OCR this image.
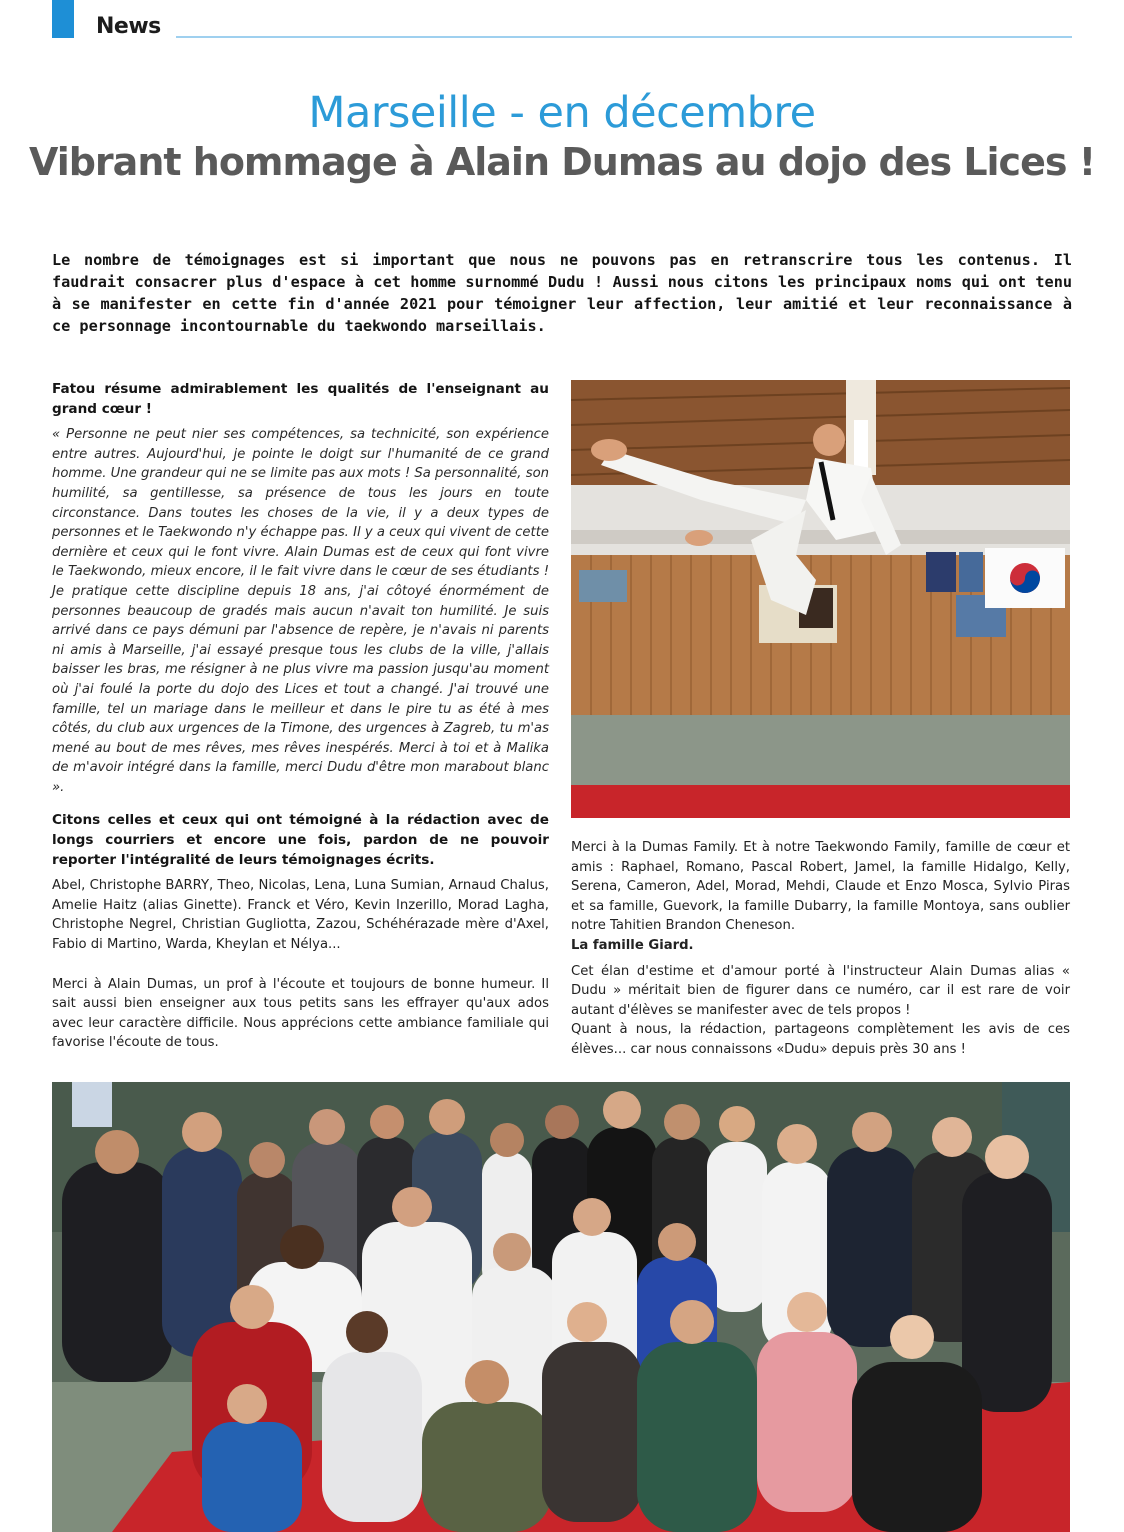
News
Marseille - en décembre
Vibrant hommage à Alain Dumas au dojo des Lices !

Le nombre de témoignages est si important que nous ne pouvons pas en retranscrire tous les contenus. Il faudrait consacrer plus d'espace à cet homme surnommé Dudu ! Aussi nous citons les principaux noms qui ont tenu à se manifester en cette fin d'année 2021 pour témoigner leur affection, leur amitié et leur reconnaissance à ce personnage incontournable du taekwondo marseillais.

Fatou résume admirablement les qualités de l'enseignant au grand cœur !

« Personne ne peut nier ses compétences, sa technicité, son expérience entre autres. Aujourd'hui, je pointe le doigt sur l'humanité de ce grand homme. Une grandeur qui ne se limite pas aux mots ! Sa personnalité, son humilité, sa gentillesse, sa présence de tous les jours en toute circonstance. Dans toutes les choses de la vie, il y a deux types de personnes et le Taekwondo n'y échappe pas. Il y a ceux qui vivent de cette dernière et ceux qui le font vivre. Alain Dumas est de ceux qui font vivre le Taekwondo, mieux encore, il le fait vivre dans le cœur de ses étudiants ! Je pratique cette discipline depuis 18 ans, j'ai côtoyé énormément de personnes beaucoup de gradés mais aucun n'avait ton humilité. Je suis arrivé dans ce pays démuni par l'absence de repère, je n'avais ni parents ni amis à Marseille, j'ai essayé presque tous les clubs de la ville, j'allais baisser les bras, me résigner à ne plus vivre ma passion jusqu'au moment où j'ai foulé la porte du dojo des Lices et tout a changé. J'ai trouvé une famille, tel un mariage dans le meilleur et dans le pire tu as été à mes côtés, du club aux urgences de la Timone, des urgences à Zagreb, tu m'as mené au bout de mes rêves, mes rêves inespérés. Merci à toi et à Malika de m'avoir intégré dans la famille, merci Dudu d'être mon marabout blanc ».

Citons celles et ceux qui ont témoigné à la rédaction avec de longs courriers et encore une fois, pardon de ne pouvoir reporter l'intégralité de leurs témoignages écrits.

Abel, Christophe BARRY, Theo, Nicolas, Lena, Luna Sumian, Arnaud Chalus, Amelie Haitz (alias Ginette). Franck et Véro, Kevin Inzerillo, Morad Lagha, Christophe Negrel, Christian Gugliotta, Zazou, Schéhérazade mère d'Axel, Fabio di Martino, Warda, Kheylan et Nélya...

Merci à Alain Dumas, un prof à l'écoute et toujours de bonne humeur. Il sait aussi bien enseigner aux tous petits sans les effrayer qu'aux ados avec leur caractère difficile. Nous apprécions cette ambiance familiale qui favorise l'écoute de tous.

Merci à la Dumas Family. Et à notre Taekwondo Family, famille de cœur et amis : Raphael, Romano, Pascal Robert, Jamel, la famille Hidalgo, Kelly, Serena, Cameron, Adel, Morad, Mehdi, Claude et Enzo Mosca, Sylvio Piras et sa famille, Guevork, la famille Dubarry, la famille Montoya, sans oublier notre Tahitien Brandon Cheneson.

La famille Giard.

Cet élan d'estime et d'amour porté à l'instructeur Alain Dumas alias « Dudu » méritait bien de figurer dans ce numéro, car il est rare de voir autant d'élèves se manifester avec de tels propos !

Quant à nous, la rédaction, partageons complètement les avis de ces élèves... car nous connaissons «Dudu» depuis près 30 ans !
